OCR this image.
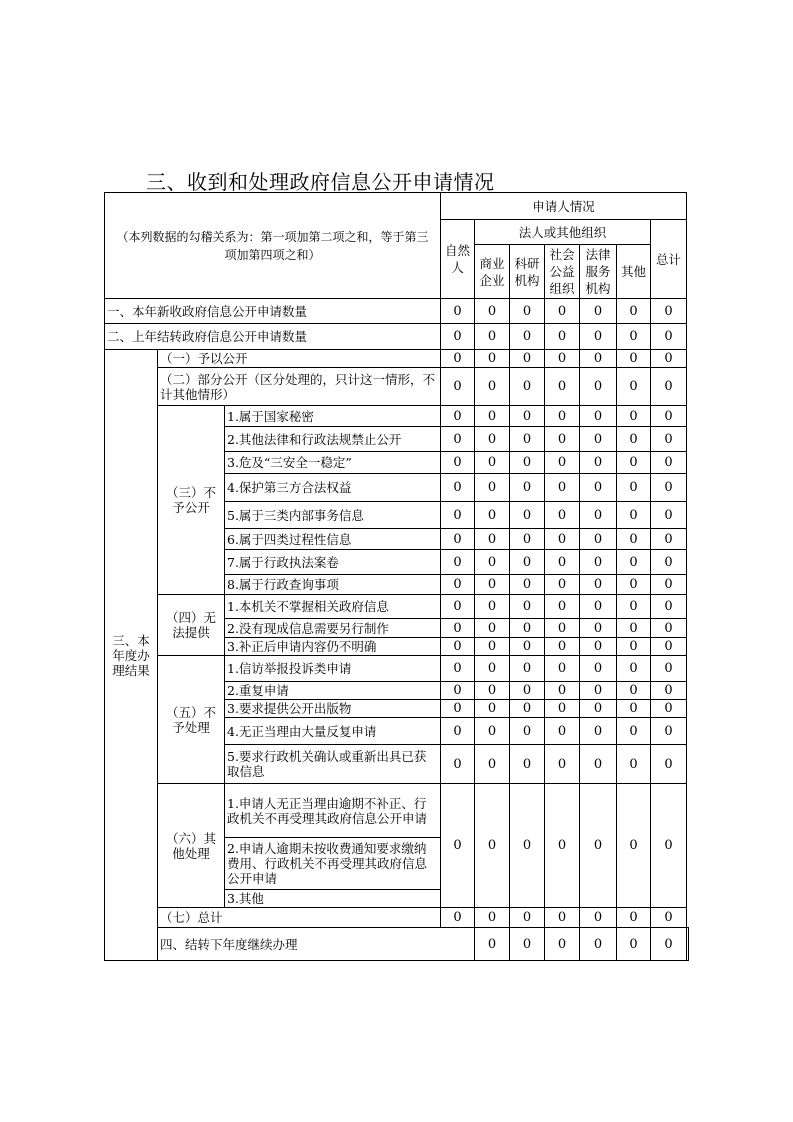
三、收到和处理政府信息公开申请情况
（本列数据的勾稽关系为：第一项加第二项之和，等于第三项加第四项之和）			申请人情况							
			自然人	法人或其他组织					总计	
				商业企业	科研机构	社会公益组织	法律服务机构	其他		
一、本年新收政府信息公开申请数量			0	0	0	0	0	0	0	
二、上年结转政府信息公开申请数量			0	0	0	0	0	0	0	
三、本年度办理结果	（一）予以公开		0	0	0	0	0	0	0	
	（二）部分公开（区分处理的，只计这一情形，不计其他情形）		0	0	0	0	0	0	0	
	（三）不予公开	1.属于国家秘密	0	0	0	0	0	0	0	
		2.其他法律和行政法规禁止公开	0	0	0	0	0	0	0	
		3.危及“三安全一稳定”	0	0	0	0	0	0	0	
		4.保护第三方合法权益	0	0	0	0	0	0	0	
		5.属于三类内部事务信息	0	0	0	0	0	0	0	
		6.属于四类过程性信息	0	0	0	0	0	0	0	
		7.属于行政执法案卷	0	0	0	0	0	0	0	
		8.属于行政查询事项	0	0	0	0	0	0	0	
	（四）无法提供	1.本机关不掌握相关政府信息	0	0	0	0	0	0	0	
		2.没有现成信息需要另行制作	0	0	0	0	0	0	0	
		3.补正后申请内容仍不明确	0	0	0	0	0	0	0	
	（五）不予处理	1.信访举报投诉类申请	0	0	0	0	0	0	0	
		2.重复申请	0	0	0	0	0	0	0	
		3.要求提供公开出版物	0	0	0	0	0	0	0	
		4.无正当理由大量反复申请	0	0	0	0	0	0	0	
		5.要求行政机关确认或重新出具已获取信息	0	0	0	0	0	0	0	
	（六）其他处理	1.申请人无正当理由逾期不补正、行政机关不再受理其政府信息公开申请	0	0	0	0	0	0	0	
		2.申请人逾期未按收费通知要求缴纳费用、行政机关不再受理其政府信息公开申请								
		3.其他								
	（七）总计		0	0	0	0	0	0	0	
	四、结转下年度继续办理			0	0	0	0	0	0	
